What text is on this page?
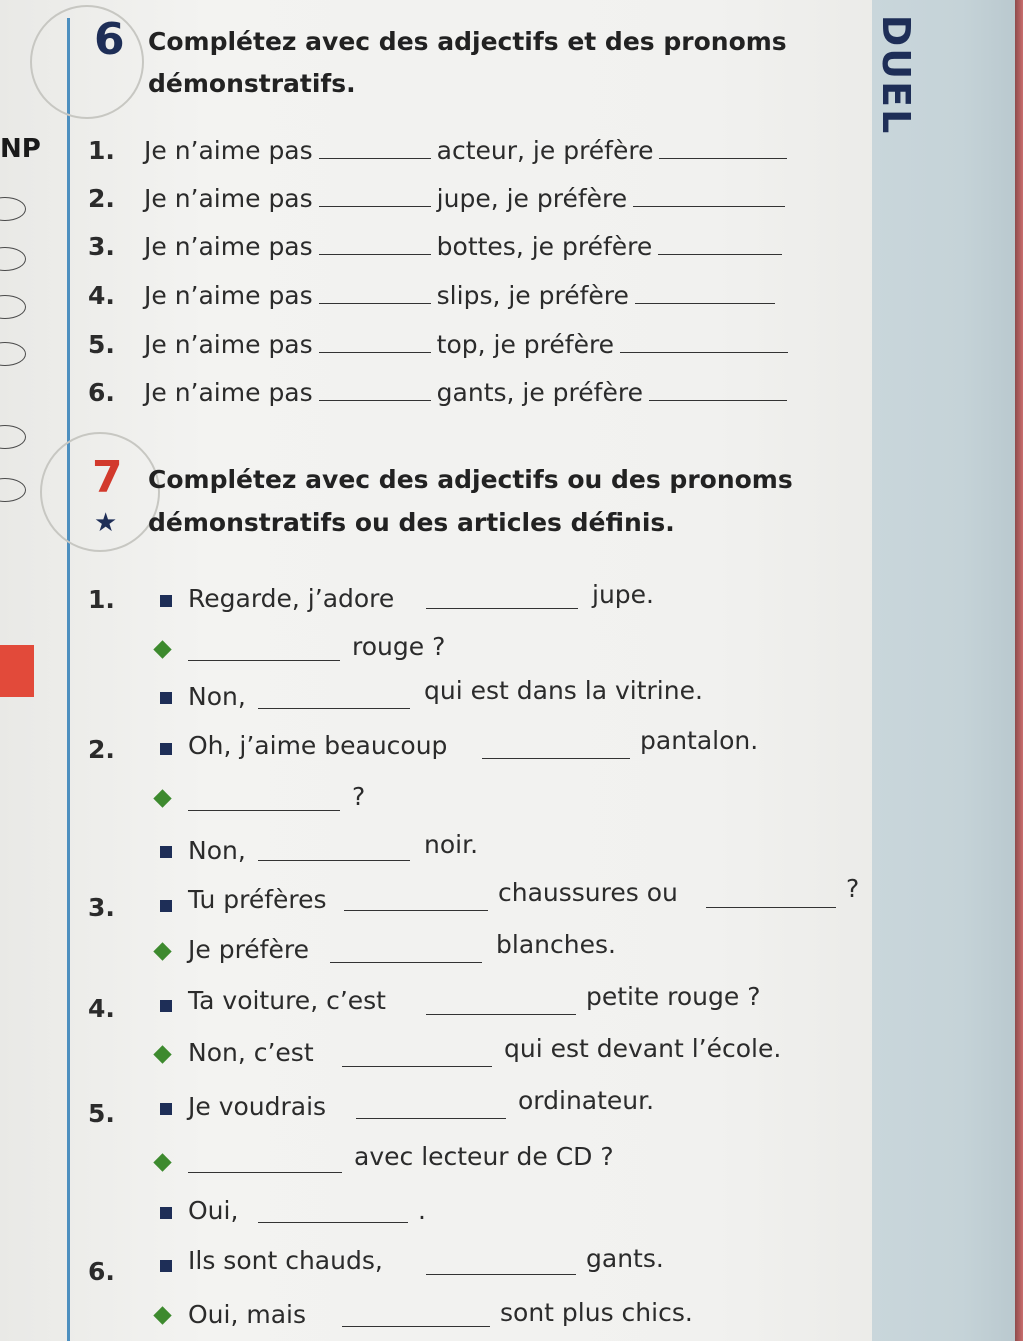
DUEL
NP
6 Complétez avec des adjectifs et des pronoms
démonstratifs.
1.	Je n’aime pas	acteur, je préfère
2.	Je n’aime pas	jupe, je préfère
3.	Je n’aime pas	bottes, je préfère
4.	Je n’aime pas	slips, je préfère
5.	Je n’aime pas	top, je préfère
6.	Je n’aime pas	gants, je préfère
7 Complétez avec des adjectifs ou des pronoms
démonstratifs ou des articles définis.
★
1.	Regarde, j’adore	jupe.
rouge ?
Non,	qui est dans la vitrine.
2.	Oh, j’aime beaucoup	pantalon.
?
Non,	noir.
3.	Tu préfères	chaussures ou	?
Je préfère	blanches.
4.	Ta voiture, c’est	petite rouge ?
Non, c’est	qui est devant l’école.
5.	Je voudrais	ordinateur.
avec lecteur de CD ?
Oui,	.
6.	Ils sont chauds,	gants.
Oui, mais	sont plus chics.
